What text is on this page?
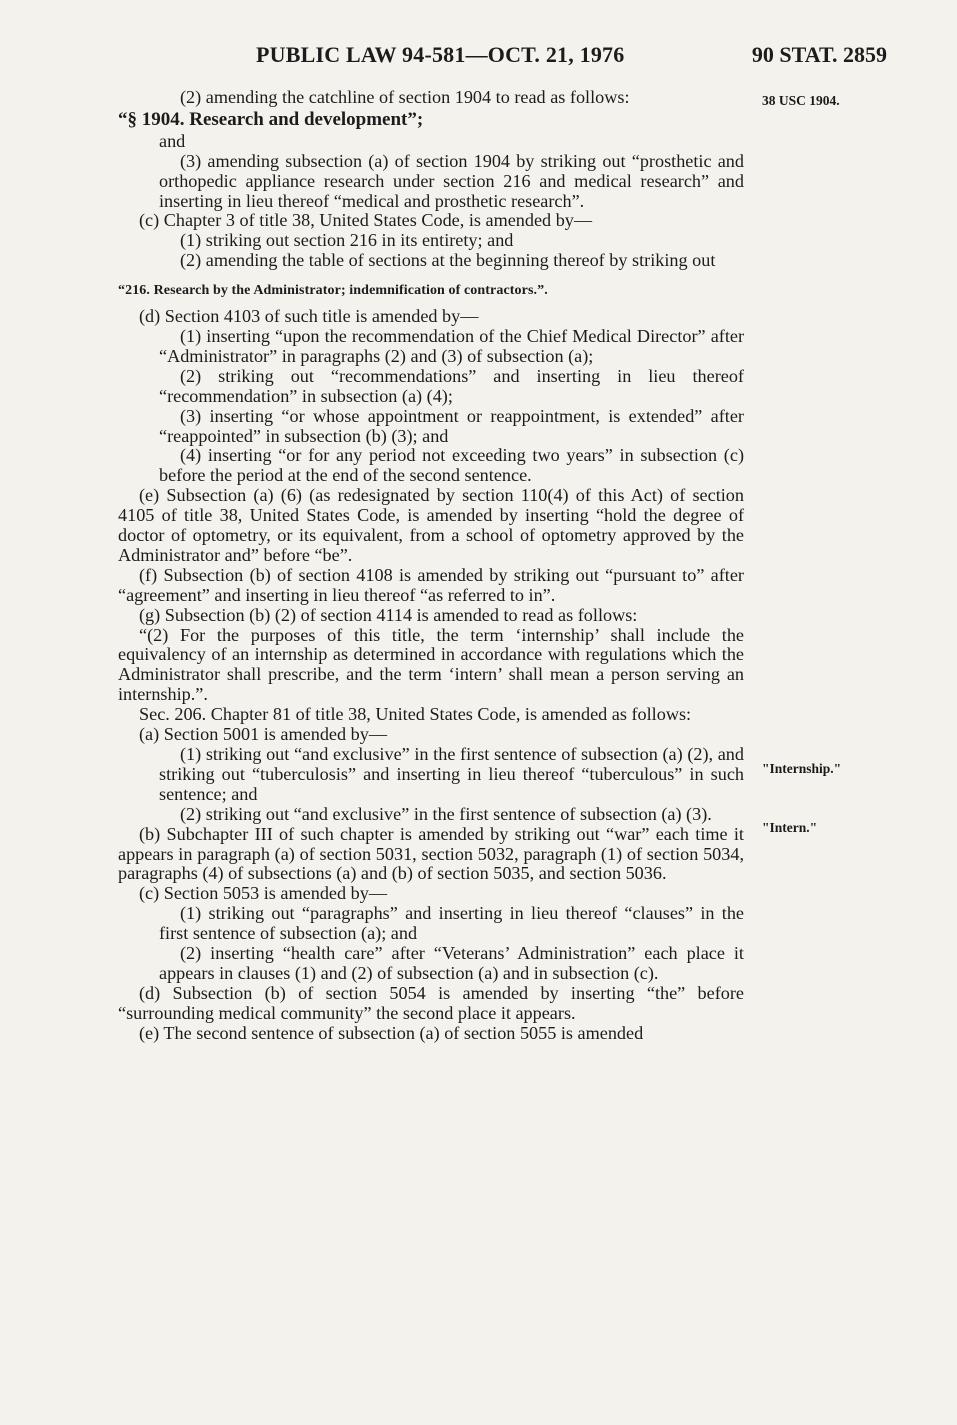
PUBLIC LAW 94-581—OCT. 21, 1976	90 STAT. 2859
38 USC 1904.
"Internship."
"Intern."

(2) amending the catchline of section 1904 to read as follows:

“§ 1904. Research and development”;

and

(3) amending subsection (a) of section 1904 by striking out “prosthetic and orthopedic appliance research under section 216 and medical research” and inserting in lieu thereof “medical and prosthetic research”.

(c) Chapter 3 of title 38, United States Code, is amended by—

(1) striking out section 216 in its entirety; and

(2) amending the table of sections at the beginning thereof by striking out

“216. Research by the Administrator; indemnification of contractors.”.

(d) Section 4103 of such title is amended by—

(1) inserting “upon the recommendation of the Chief Medical Director” after “Administrator” in paragraphs (2) and (3) of subsection (a);

(2) striking out “recommendations” and inserting in lieu thereof “recommendation” in subsection (a) (4);

(3) inserting “or whose appointment or reappointment, is extended” after “reappointed” in subsection (b) (3); and

(4) inserting “or for any period not exceeding two years” in subsection (c) before the period at the end of the second sentence.

(e) Subsection (a) (6) (as redesignated by section 110(4) of this Act) of section 4105 of title 38, United States Code, is amended by inserting “hold the degree of doctor of optometry, or its equivalent, from a school of optometry approved by the Administrator and” before “be”.

(f) Subsection (b) of section 4108 is amended by striking out “pursuant to” after “agreement” and inserting in lieu thereof “as referred to in”.

(g) Subsection (b) (2) of section 4114 is amended to read as follows:

“(2) For the purposes of this title, the term ‘internship’ shall include the equivalency of an internship as determined in accordance with regulations which the Administrator shall prescribe, and the term ‘intern’ shall mean a person serving an internship.”.

Sec. 206. Chapter 81 of title 38, United States Code, is amended as follows:

(a) Section 5001 is amended by—

(1) striking out “and exclusive” in the first sentence of subsection (a) (2), and striking out “tuberculosis” and inserting in lieu thereof “tuberculous” in such sentence; and

(2) striking out “and exclusive” in the first sentence of subsection (a) (3).

(b) Subchapter III of such chapter is amended by striking out “war” each time it appears in paragraph (a) of section 5031, section 5032, paragraph (1) of section 5034, paragraphs (4) of subsections (a) and (b) of section 5035, and section 5036.

(c) Section 5053 is amended by—

(1) striking out “paragraphs” and inserting in lieu thereof “clauses” in the first sentence of subsection (a); and

(2) inserting “health care” after “Veterans’ Administration” each place it appears in clauses (1) and (2) of subsection (a) and in subsection (c).

(d) Subsection (b) of section 5054 is amended by inserting “the” before “surrounding medical community” the second place it appears.

(e) The second sentence of subsection (a) of section 5055 is amended
